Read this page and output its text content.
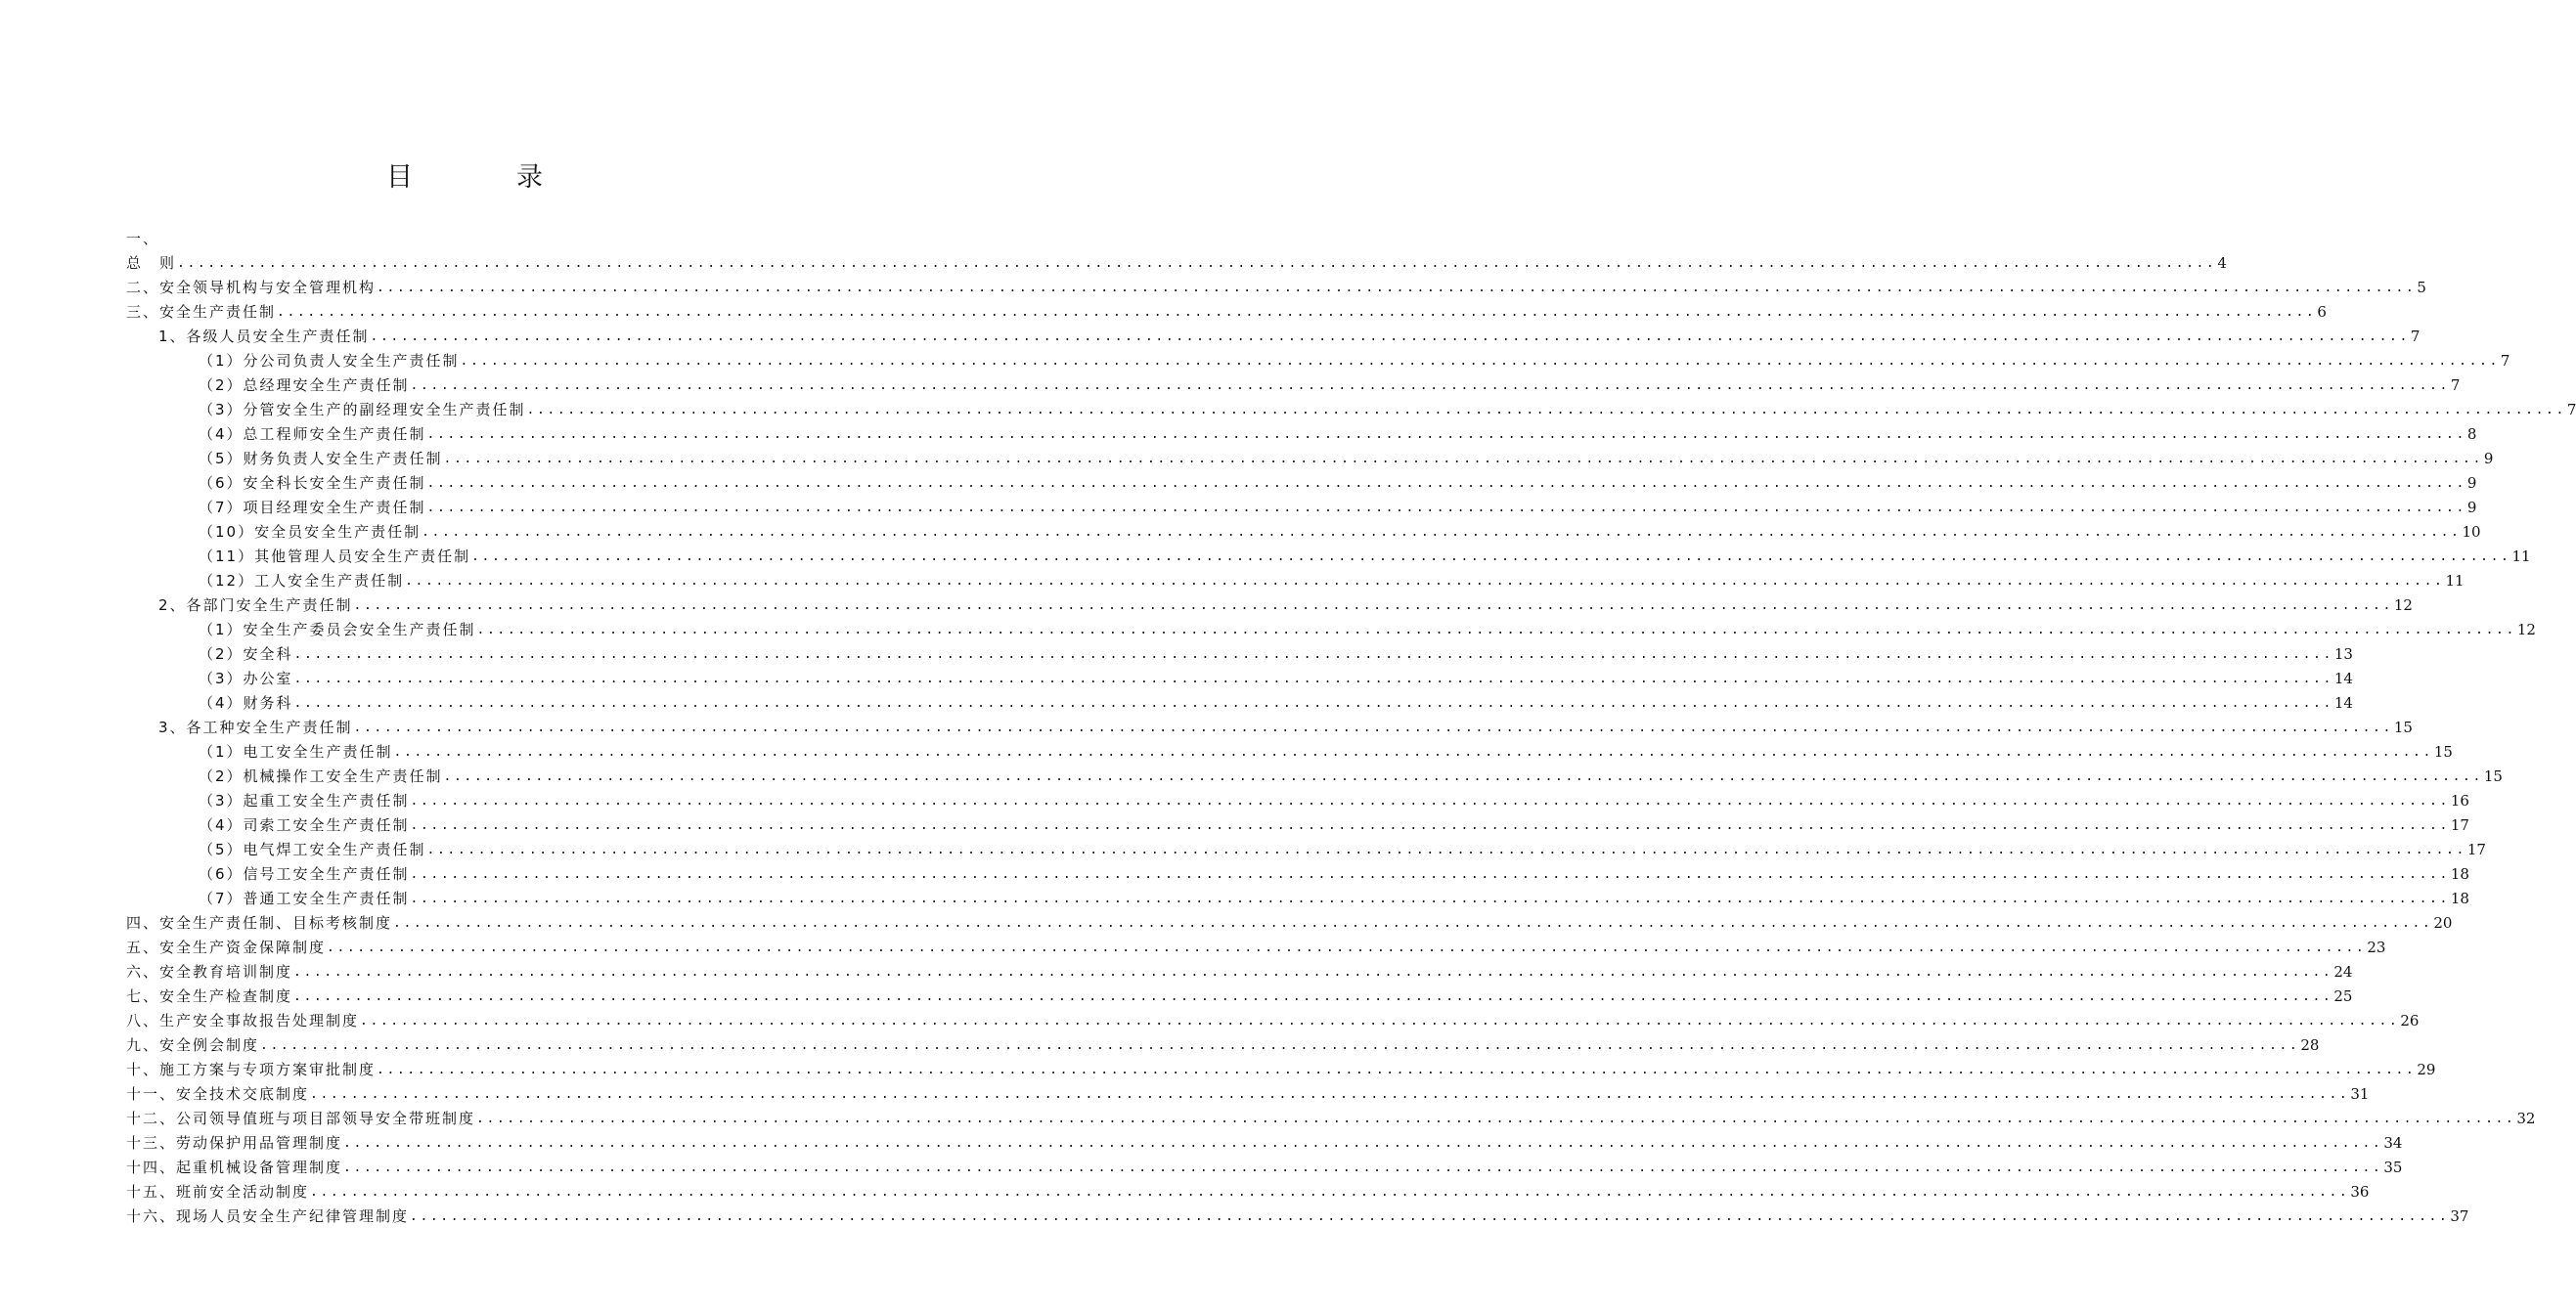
目	录
一、
总　则 ........................................................................................................................................................................................................ 4
二、安全领导机构与安全管理机构 ........................................................................................................................................................................................................ 5
三、安全生产责任制 ........................................................................................................................................................................................................ 6
1、各级人员安全生产责任制 ........................................................................................................................................................................................................ 7
（1）分公司负责人安全生产责任制 ........................................................................................................................................................................................................ 7
（2）总经理安全生产责任制 ........................................................................................................................................................................................................ 7
（3）分管安全生产的副经理安全生产责任制 ........................................................................................................................................................................................................ 7
（4）总工程师安全生产责任制 ........................................................................................................................................................................................................ 8
（5）财务负责人安全生产责任制 ........................................................................................................................................................................................................ 9
（6）安全科长安全生产责任制 ........................................................................................................................................................................................................ 9
（7）项目经理安全生产责任制 ........................................................................................................................................................................................................ 9
（10）安全员安全生产责任制 ........................................................................................................................................................................................................ 10
（11）其他管理人员安全生产责任制 ........................................................................................................................................................................................................ 11
（12）工人安全生产责任制 ........................................................................................................................................................................................................ 11
2、各部门安全生产责任制 ........................................................................................................................................................................................................ 12
（1）安全生产委员会安全生产责任制 ........................................................................................................................................................................................................ 12
（2）安全科 ........................................................................................................................................................................................................ 13
（3）办公室 ........................................................................................................................................................................................................ 14
（4）财务科 ........................................................................................................................................................................................................ 14
3、各工种安全生产责任制 ........................................................................................................................................................................................................ 15
（1）电工安全生产责任制 ........................................................................................................................................................................................................ 15
（2）机械操作工安全生产责任制 ........................................................................................................................................................................................................ 15
（3）起重工安全生产责任制 ........................................................................................................................................................................................................ 16
（4）司索工安全生产责任制 ........................................................................................................................................................................................................ 17
（5）电气焊工安全生产责任制 ........................................................................................................................................................................................................ 17
（6）信号工安全生产责任制 ........................................................................................................................................................................................................ 18
（7）普通工安全生产责任制 ........................................................................................................................................................................................................ 18
四、安全生产责任制、目标考核制度 ........................................................................................................................................................................................................ 20
五、安全生产资金保障制度 ........................................................................................................................................................................................................ 23
六、安全教育培训制度 ........................................................................................................................................................................................................ 24
七、安全生产检查制度 ........................................................................................................................................................................................................ 25
八、生产安全事故报告处理制度 ........................................................................................................................................................................................................ 26
九、安全例会制度 ........................................................................................................................................................................................................ 28
十、施工方案与专项方案审批制度 ........................................................................................................................................................................................................ 29
十一、安全技术交底制度 ........................................................................................................................................................................................................ 31
十二、公司领导值班与项目部领导安全带班制度 ........................................................................................................................................................................................................ 32
十三、劳动保护用品管理制度 ........................................................................................................................................................................................................ 34
十四、起重机械设备管理制度 ........................................................................................................................................................................................................ 35
十五、班前安全活动制度 ........................................................................................................................................................................................................ 36
十六、现场人员安全生产纪律管理制度 ........................................................................................................................................................................................................ 37
